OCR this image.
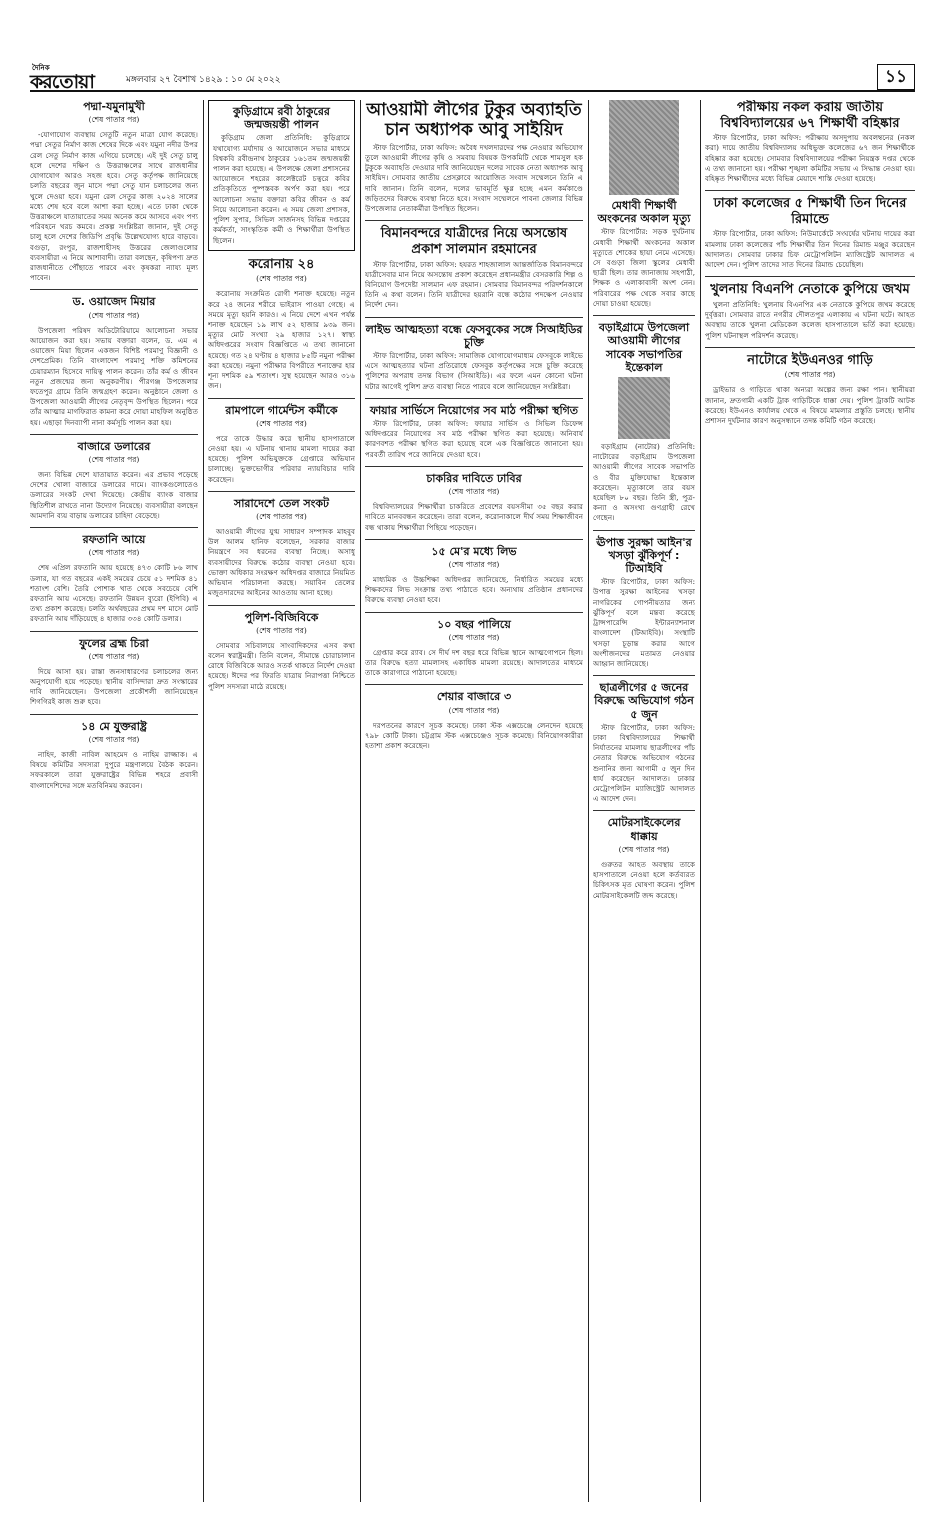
দৈনিক
করতোয়া	মঙ্গলবার ২৭ বৈশাখ ১৪২৯ : ১০ মে ২০২২	১১
পদ্মা-যমুনামুখী
(শেষ পাতার পর)

-যোগাযোগ ব্যবস্থায় সেতুটি নতুন মাত্রা যোগ করেছে। পদ্মা সেতুর নির্মাণ কাজ শেষের দিকে এবং যমুনা নদীর উপর রেল সেতু নির্মাণ কাজ এগিয়ে চলেছে। এই দুই সেতু চালু হলে দেশের দক্ষিণ ও উত্তরাঞ্চলের সাথে রাজধানীর যোগাযোগ আরও সহজ হবে। সেতু কর্তৃপক্ষ জানিয়েছে চলতি বছরের জুন মাসে পদ্মা সেতু যান চলাচলের জন্য খুলে দেওয়া হবে। যমুনা রেল সেতুর কাজ ২০২৪ সালের মধ্যে শেষ হবে বলে আশা করা হচ্ছে। এতে ঢাকা থেকে উত্তরাঞ্চলে যাতায়াতের সময় অনেক কমে আসবে এবং পণ্য পরিবহনে খরচ কমবে। প্রকল্প সংশ্লিষ্টরা জানান, দুই সেতু চালু হলে দেশের জিডিপি প্রবৃদ্ধি উল্লেখযোগ্য হারে বাড়বে। বগুড়া, রংপুর, রাজশাহীসহ উত্তরের জেলাগুলোর ব্যবসায়ীরা এ নিয়ে আশাবাদী। তারা বলছেন, কৃষিপণ্য দ্রুত রাজধানীতে পৌঁছাতে পারবে এবং কৃষকরা ন্যায্য মূল্য পাবেন।

ড. ওয়াজেদ মিয়ার
(শেষ পাতার পর)

উপজেলা পরিষদ অডিটোরিয়ামে আলোচনা সভার আয়োজন করা হয়। সভায় বক্তারা বলেন, ড. এম এ ওয়াজেদ মিয়া ছিলেন একজন বিশিষ্ট পরমাণু বিজ্ঞানী ও দেশপ্রেমিক। তিনি বাংলাদেশ পরমাণু শক্তি কমিশনের চেয়ারম্যান হিসেবে দায়িত্ব পালন করেন। তাঁর কর্ম ও জীবন নতুন প্রজন্মের জন্য অনুকরণীয়। পীরগঞ্জ উপজেলার ফতেপুর গ্রামে তিনি জন্মগ্রহণ করেন। অনুষ্ঠানে জেলা ও উপজেলা আওয়ামী লীগের নেতৃবৃন্দ উপস্থিত ছিলেন। পরে তাঁর আত্মার মাগফিরাত কামনা করে দোয়া মাহফিল অনুষ্ঠিত হয়। এছাড়া দিনব্যাপী নানা কর্মসূচি পালন করা হয়।

বাজারে ডলারের
(শেষ পাতার পর)

জন্য বিভিন্ন দেশে যাতায়াত করেন। এর প্রভাব পড়েছে দেশের খোলা বাজারে ডলারের দামে। ব্যাংকগুলোতেও ডলারের সংকট দেখা দিয়েছে। কেন্দ্রীয় ব্যাংক বাজার স্থিতিশীল রাখতে নানা উদ্যোগ নিয়েছে। ব্যবসায়ীরা বলছেন আমদানি ব্যয় বাড়ায় ডলারের চাহিদা বেড়েছে।

রফতানি আয়ে
(শেষ পাতার পর)

শেষ এপ্রিল রফতানি আয় হয়েছে ৪৭৩ কোটি ৮৬ লাখ ডলার, যা গত বছরের একই সময়ের চেয়ে ৫১ দশমিক ৪১ শতাংশ বেশি। তৈরি পোশাক খাত থেকে সবচেয়ে বেশি রফতানি আয় এসেছে। রফতানি উন্নয়ন ব্যুরো (ইপিবি) এ তথ্য প্রকাশ করেছে। চলতি অর্থবছরের প্রথম দশ মাসে মোট রফতানি আয় দাঁড়িয়েছে ৪ হাজার ৩৩৪ কোটি ডলার।

ফুলের ব্রহ্ম চিরা
(শেষ পাতার পর)

দিয়ে আসা হয়। রাস্তা জনসাধারণের চলাচলের জন্য অনুপযোগী হয়ে পড়েছে। স্থানীয় বাসিন্দারা দ্রুত সংস্কারের দাবি জানিয়েছেন। উপজেলা প্রকৌশলী জানিয়েছেন শিগগিরই কাজ শুরু হবে।

১৪ মে যুক্তরাষ্ট্র
(শেষ পাতার পর)

নাহিদ, কাজী নাবিল আহমেদ ও নাহিম রাজ্জাক। এ বিষয়ে কমিটির সদস্যরা দুপুরে মন্ত্রণালয়ে বৈঠক করেন। সফরকালে তারা যুক্তরাষ্ট্রের বিভিন্ন শহরে প্রবাসী বাংলাদেশিদের সঙ্গে মতবিনিময় করবেন।

কুড়িগ্রামে রবী ঠাকুরের জন্মজয়ন্তী পালন

কুড়িগ্রাম জেলা প্রতিনিধি: কুড়িগ্রামে যথাযোগ্য মর্যাদায় ও আয়োজনে সভার মাধ্যমে বিশ্বকবি রবীন্দ্রনাথ ঠাকুরের ১৬১তম জন্মজয়ন্তী পালন করা হয়েছে। এ উপলক্ষে জেলা প্রশাসনের আয়োজনে শহরের কালেক্টরেট চত্বরে কবির প্রতিকৃতিতে পুষ্পস্তবক অর্পণ করা হয়। পরে আলোচনা সভায় বক্তারা কবির জীবন ও কর্ম নিয়ে আলোচনা করেন। এ সময় জেলা প্রশাসক, পুলিশ সুপার, সিভিল সার্জনসহ বিভিন্ন দপ্তরের কর্মকর্তা, সাংস্কৃতিক কর্মী ও শিক্ষার্থীরা উপস্থিত ছিলেন।

করোনায় ২৪
(শেষ পাতার পর)

করোনায় সংক্রমিত রোগী শনাক্ত হয়েছে। নতুন করে ২৪ জনের শরীরে ভাইরাস পাওয়া গেছে। এ সময়ে মৃত্যু হয়নি কারও। এ নিয়ে দেশে এখন পর্যন্ত শনাক্ত হয়েছেন ১৯ লাখ ৫২ হাজার ৯৩৯ জন। মৃত্যুর মোট সংখ্যা ২৯ হাজার ১২৭। স্বাস্থ্য অধিদপ্তরের সংবাদ বিজ্ঞপ্তিতে এ তথ্য জানানো হয়েছে। গত ২৪ ঘণ্টায় ৪ হাজার ৮৫টি নমুনা পরীক্ষা করা হয়েছে। নমুনা পরীক্ষার বিপরীতে শনাক্তের হার শূন্য দশমিক ৫৯ শতাংশ। সুস্থ হয়েছেন আরও ৩১৬ জন।

রামপালে গার্মেন্টস কর্মীকে
(শেষ পাতার পর)

পরে তাকে উদ্ধার করে স্থানীয় হাসপাতালে নেওয়া হয়। এ ঘটনায় থানায় মামলা দায়ের করা হয়েছে। পুলিশ অভিযুক্তকে গ্রেপ্তারে অভিযান চালাচ্ছে। ভুক্তভোগীর পরিবার ন্যায়বিচার দাবি করেছেন।

সারাদেশে তেল সংকট
(শেষ পাতার পর)

আওয়ামী লীগের যুগ্ম সাধারণ সম্পাদক মাহবুব উল আলম হানিফ বলেছেন, সরকার বাজার নিয়ন্ত্রণে সব ধরনের ব্যবস্থা নিচ্ছে। অসাধু ব্যবসায়ীদের বিরুদ্ধে কঠোর ব্যবস্থা নেওয়া হবে। ভোক্তা অধিকার সংরক্ষণ অধিদপ্তর বাজারে নিয়মিত অভিযান পরিচালনা করছে। সয়াবিন তেলের মজুতদারদের আইনের আওতায় আনা হচ্ছে।

পুলিশ-বিজিবিকে
(শেষ পাতার পর)

সোমবার সচিবালয়ে সাংবাদিকদের এসব কথা বলেন স্বরাষ্ট্রমন্ত্রী। তিনি বলেন, সীমান্তে চোরাচালান রোধে বিজিবিকে আরও সতর্ক থাকতে নির্দেশ দেওয়া হয়েছে। ঈদের পর ফিরতি যাত্রায় নিরাপত্তা নিশ্চিতে পুলিশ সদস্যরা মাঠে রয়েছে।

আওয়ামী লীগের টুকুর অব্যাহতি চান অধ্যাপক আবু সাইয়িদ

স্টাফ রিপোর্টার, ঢাকা অফিস: অবৈধ দখলদারদের পক্ষ নেওয়ার অভিযোগ তুলে আওয়ামী লীগের কৃষি ও সমবায় বিষয়ক উপকমিটি থেকে শামসুল হক টুকুকে অব্যাহতি দেওয়ার দাবি জানিয়েছেন দলের সাবেক নেতা অধ্যাপক আবু সাইয়িদ। সোমবার জাতীয় প্রেসক্লাবে আয়োজিত সংবাদ সম্মেলনে তিনি এ দাবি জানান। তিনি বলেন, দলের ভাবমূর্তি ক্ষুণ্ণ হচ্ছে এমন কর্মকাণ্ডে জড়িতদের বিরুদ্ধে ব্যবস্থা নিতে হবে। সংবাদ সম্মেলনে পাবনা জেলার বিভিন্ন উপজেলার নেতাকর্মীরা উপস্থিত ছিলেন।

বিমানবন্দরে যাত্রীদের নিয়ে অসন্তোষ প্রকাশ সালমান রহমানের

স্টাফ রিপোর্টার, ঢাকা অফিস: হযরত শাহজালাল আন্তর্জাতিক বিমানবন্দরে যাত্রীসেবার মান নিয়ে অসন্তোষ প্রকাশ করেছেন প্রধানমন্ত্রীর বেসরকারি শিল্প ও বিনিয়োগ উপদেষ্টা সালমান এফ রহমান। সোমবার বিমানবন্দর পরিদর্শনকালে তিনি এ কথা বলেন। তিনি যাত্রীদের হয়রানি বন্ধে কঠোর পদক্ষেপ নেওয়ার নির্দেশ দেন।

লাইভ আত্মহত্যা বন্ধে ফেসবুকের সঙ্গে সিআইডির চুক্তি

স্টাফ রিপোর্টার, ঢাকা অফিস: সামাজিক যোগাযোগমাধ্যম ফেসবুকে লাইভে এসে আত্মহত্যার ঘটনা প্রতিরোধে ফেসবুক কর্তৃপক্ষের সঙ্গে চুক্তি করেছে পুলিশের অপরাধ তদন্ত বিভাগ (সিআইডি)। এর ফলে এমন কোনো ঘটনা ঘটার আগেই পুলিশ দ্রুত ব্যবস্থা নিতে পারবে বলে জানিয়েছেন সংশ্লিষ্টরা।

ফায়ার সার্ভিসে নিয়োগের সব মাঠ পরীক্ষা স্থগিত

স্টাফ রিপোর্টার, ঢাকা অফিস: ফায়ার সার্ভিস ও সিভিল ডিফেন্স অধিদপ্তরের নিয়োগের সব মাঠ পরীক্ষা স্থগিত করা হয়েছে। অনিবার্য কারণবশত পরীক্ষা স্থগিত করা হয়েছে বলে এক বিজ্ঞপ্তিতে জানানো হয়। পরবর্তী তারিখ পরে জানিয়ে দেওয়া হবে।

চাকরির দাবিতে ঢাবির
(শেষ পাতার পর)

বিশ্ববিদ্যালয়ের শিক্ষার্থীরা চাকরিতে প্রবেশের বয়সসীমা ৩৫ বছর করার দাবিতে মানববন্ধন করেছেন। তারা বলেন, করোনাকালে দীর্ঘ সময় শিক্ষাজীবন বন্ধ থাকায় শিক্ষার্থীরা পিছিয়ে পড়েছেন।

১৫ মে'র মধ্যে লিভ
(শেষ পাতার পর)

মাধ্যমিক ও উচ্চশিক্ষা অধিদপ্তর জানিয়েছে, নির্ধারিত সময়ের মধ্যে শিক্ষকদের লিভ সংক্রান্ত তথ্য পাঠাতে হবে। অন্যথায় প্রতিষ্ঠান প্রধানদের বিরুদ্ধে ব্যবস্থা নেওয়া হবে।

১০ বছর পালিয়ে
(শেষ পাতার পর)

গ্রেপ্তার করে র‌্যাব। সে দীর্ঘ দশ বছর ধরে বিভিন্ন স্থানে আত্মগোপনে ছিল। তার বিরুদ্ধে হত্যা মামলাসহ একাধিক মামলা রয়েছে। আদালতের মাধ্যমে তাকে কারাগারে পাঠানো হয়েছে।

শেয়ার বাজারে ৩
(শেষ পাতার পর)

দরপতনের কারণে সূচক কমেছে। ঢাকা স্টক এক্সচেঞ্জে লেনদেন হয়েছে ৭৯৮ কোটি টাকা। চট্টগ্রাম স্টক এক্সচেঞ্জেও সূচক কমেছে। বিনিয়োগকারীরা হতাশা প্রকাশ করেছেন।

মেধাবী শিক্ষার্থী অংকনের অকাল মৃত্যু

স্টাফ রিপোর্টার: সড়ক দুর্ঘটনায় মেধাবী শিক্ষার্থী অংকনের অকাল মৃত্যুতে শোকের ছায়া নেমে এসেছে। সে বগুড়া জিলা স্কুলের মেধাবী ছাত্রী ছিল। তার জানাজায় সহপাঠী, শিক্ষক ও এলাকাবাসী অংশ নেন। পরিবারের পক্ষ থেকে সবার কাছে দোয়া চাওয়া হয়েছে।

বড়াইগ্রামে উপজেলা আওয়ামী লীগের সাবেক সভাপতির ইন্তেকাল

বড়াইগ্রাম (নাটোর) প্রতিনিধি: নাটোরের বড়াইগ্রাম উপজেলা আওয়ামী লীগের সাবেক সভাপতি ও বীর মুক্তিযোদ্ধা ইন্তেকাল করেছেন। মৃত্যুকালে তার বয়স হয়েছিল ৮০ বছর। তিনি স্ত্রী, পুত্র-কন্যা ও অসংখ্য গুণগ্রাহী রেখে গেছেন।

ঊপাত্ত সুরক্ষা আইন'র খসড়া ঝুঁকিপূর্ণ : টিআইবি

স্টাফ রিপোর্টার, ঢাকা অফিস: উপাত্ত সুরক্ষা আইনের খসড়া নাগরিকের গোপনীয়তার জন্য ঝুঁকিপূর্ণ বলে মন্তব্য করেছে ট্রান্সপারেন্সি ইন্টারন্যাশনাল বাংলাদেশ (টিআইবি)। সংস্থাটি খসড়া চূড়ান্ত করার আগে অংশীজনদের মতামত নেওয়ার আহ্বান জানিয়েছে।

ছাত্রলীগের ৫ জনের বিরুদ্ধে অভিযোগ গঠন ৫ জুন

স্টাফ রিপোর্টার, ঢাকা অফিস: ঢাকা বিশ্ববিদ্যালয়ের শিক্ষার্থী নির্যাতনের মামলায় ছাত্রলীগের পাঁচ নেতার বিরুদ্ধে অভিযোগ গঠনের শুনানির জন্য আগামী ৫ জুন দিন ধার্য করেছেন আদালত। ঢাকার মেট্রোপলিটন ম্যাজিস্ট্রেট আদালত এ আদেশ দেন।

মোটরসাইকেলের ধাক্কায়
(শেষ পাতার পর)

গুরুতর আহত অবস্থায় তাকে হাসপাতালে নেওয়া হলে কর্তব্যরত চিকিৎসক মৃত ঘোষণা করেন। পুলিশ মোটরসাইকেলটি জব্দ করেছে।

পরীক্ষায় নকল করায় জাতীয় বিশ্ববিদ্যালয়ের ৬৭ শিক্ষার্থী বহিষ্কার

স্টাফ রিপোর্টার, ঢাকা অফিস: পরীক্ষায় অসদুপায় অবলম্বনের (নকল করা) দায়ে জাতীয় বিশ্ববিদ্যালয় অধিভুক্ত কলেজের ৬৭ জন শিক্ষার্থীকে বহিষ্কার করা হয়েছে। সোমবার বিশ্ববিদ্যালয়ের পরীক্ষা নিয়ন্ত্রক দপ্তর থেকে এ তথ্য জানানো হয়। পরীক্ষা শৃঙ্খলা কমিটির সভায় এ সিদ্ধান্ত নেওয়া হয়। বহিষ্কৃত শিক্ষার্থীদের মধ্যে বিভিন্ন মেয়াদে শাস্তি দেওয়া হয়েছে।

ঢাকা কলেজের ৫ শিক্ষার্থী তিন দিনের রিমান্ডে

স্টাফ রিপোর্টার, ঢাকা অফিস: নিউমার্কেটে সংঘর্ষের ঘটনায় দায়ের করা মামলায় ঢাকা কলেজের পাঁচ শিক্ষার্থীর তিন দিনের রিমান্ড মঞ্জুর করেছেন আদালত। সোমবার ঢাকার চিফ মেট্রোপলিটন ম্যাজিস্ট্রেট আদালত এ আদেশ দেন। পুলিশ তাদের সাত দিনের রিমান্ড চেয়েছিল।

খুলনায় বিএনপি নেতাকে কুপিয়ে জখম

খুলনা প্রতিনিধি: খুলনায় বিএনপির এক নেতাকে কুপিয়ে জখম করেছে দুর্বৃত্তরা। সোমবার রাতে নগরীর দৌলতপুর এলাকায় এ ঘটনা ঘটে। আহত অবস্থায় তাকে খুলনা মেডিকেল কলেজ হাসপাতালে ভর্তি করা হয়েছে। পুলিশ ঘটনাস্থল পরিদর্শন করেছে।

নাটোরে ইউএনওর গাড়ি
(শেষ পাতার পর)

ড্রাইভার ও গাড়িতে থাকা অন্যরা অল্পের জন্য রক্ষা পান। স্থানীয়রা জানান, দ্রুতগামী একটি ট্রাক গাড়িটিকে ধাক্কা দেয়। পুলিশ ট্রাকটি আটক করেছে। ইউএনও কার্যালয় থেকে এ বিষয়ে মামলার প্রস্তুতি চলছে। স্থানীয় প্রশাসন দুর্ঘটনার কারণ অনুসন্ধানে তদন্ত কমিটি গঠন করেছে।
